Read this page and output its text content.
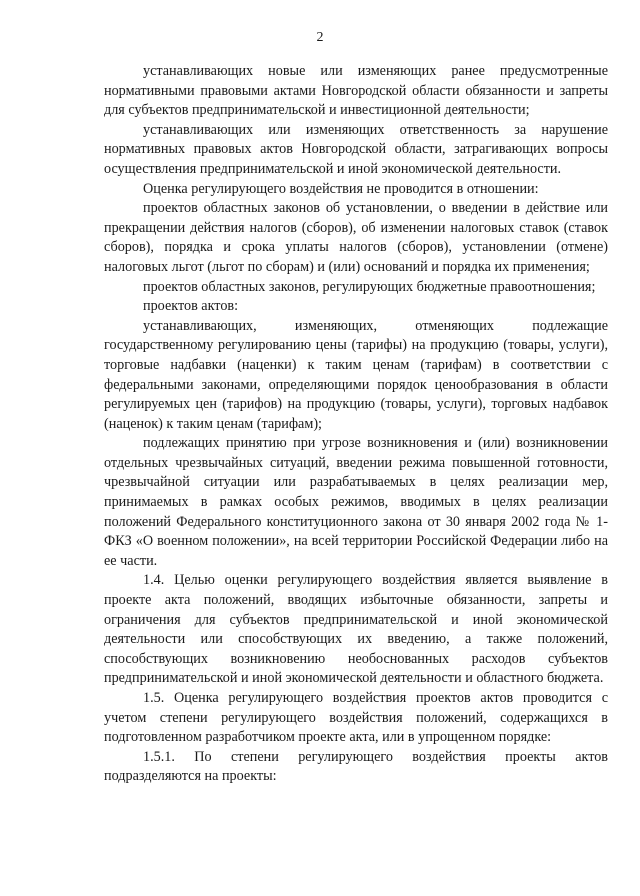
2

устанавливающих новые или изменяющих ранее предусмотренные нормативными правовыми актами Новгородской области обязанности и запреты для субъектов предпринимательской и инвестиционной деятельности;

устанавливающих или изменяющих ответственность за нарушение нормативных правовых актов Новгородской области, затрагивающих вопросы осуществления предпринимательской и иной экономической деятельности.

Оценка регулирующего воздействия не проводится в отношении:

проектов областных законов об установлении, о введении в действие или прекращении действия налогов (сборов), об изменении налоговых ставок (ставок сборов), порядка и срока уплаты налогов (сборов), установлении (отмене) налоговых льгот (льгот по сборам) и (или) оснований и порядка их применения;

проектов областных законов, регулирующих бюджетные правоотношения;

проектов актов:

устанавливающих, изменяющих, отменяющих подлежащие государственному регулированию цены (тарифы) на продукцию (товары, услуги), торговые надбавки (наценки) к таким ценам (тарифам) в соответствии с федеральными законами, определяющими порядок ценообразования в области регулируемых цен (тарифов) на продукцию (товары, услуги), торговых надбавок (наценок) к таким ценам (тарифам);

подлежащих принятию при угрозе возникновения и (или) возникновении отдельных чрезвычайных ситуаций, введении режима повышенной готовности, чрезвычайной ситуации или разрабатываемых в целях реализации мер, принимаемых в рамках особых режимов, вводимых в целях реализации положений Федерального конституционного закона от 30 января 2002 года № 1-ФКЗ «О военном положении», на всей территории Российской Федерации либо на ее части.

1.4. Целью оценки регулирующего воздействия является выявление в проекте акта положений, вводящих избыточные обязанности, запреты и ограничения для субъектов предпринимательской и иной экономической деятельности или способствующих их введению, а также положений, способствующих возникновению необоснованных расходов субъектов предпринимательской и иной экономической деятельности и областного бюджета.

1.5. Оценка регулирующего воздействия проектов актов проводится с учетом степени регулирующего воздействия положений, содержащихся в подготовленном разработчиком проекте акта, или в упрощенном порядке:

1.5.1. По степени регулирующего воздействия проекты актов подразделяются на проекты:
